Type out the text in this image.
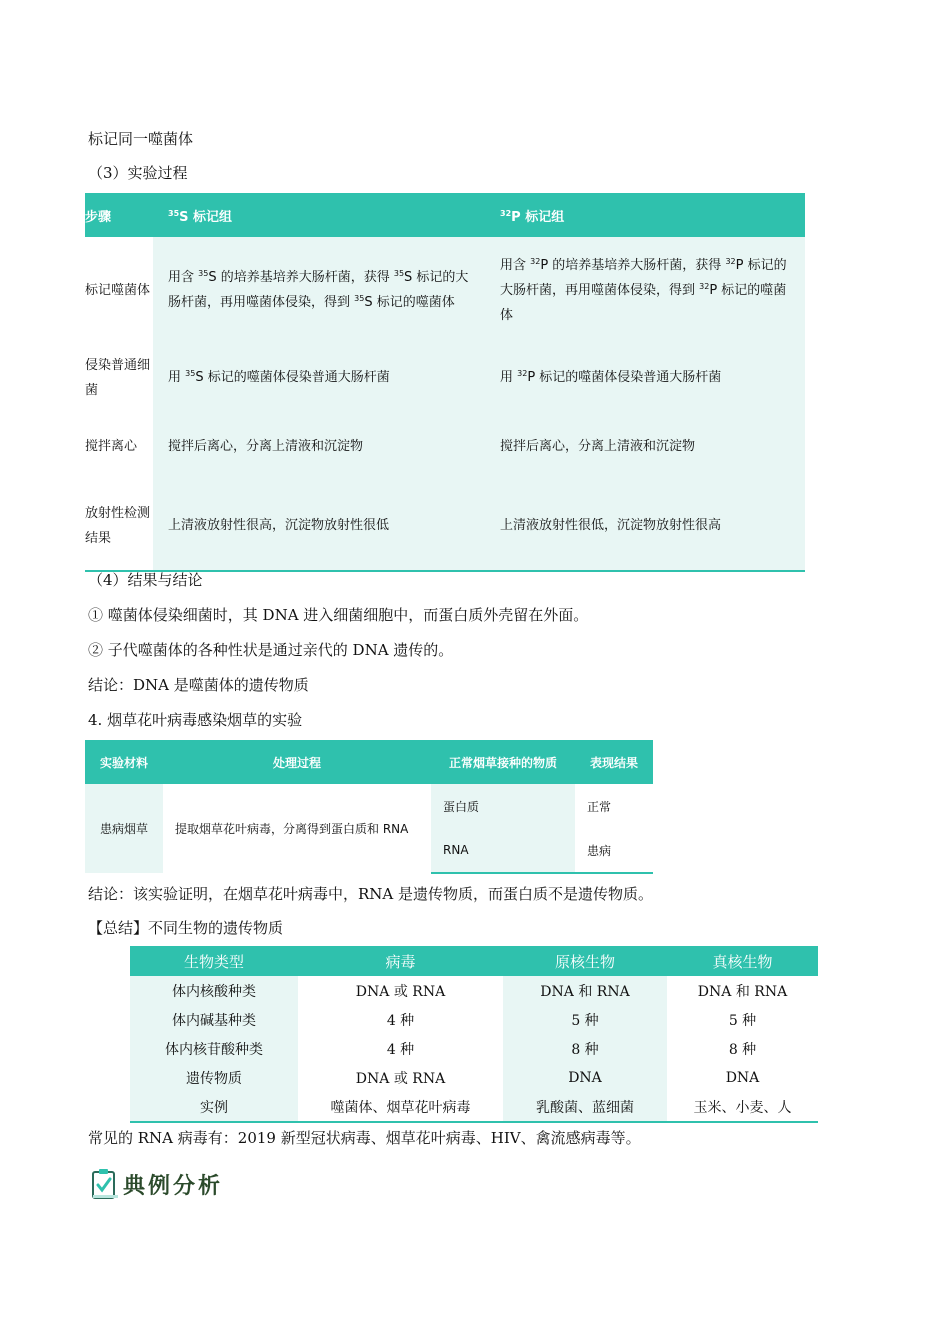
标记同一噬菌体
（3）实验过程
步骤	$^{35}$S 标记组	$^{32}$P 标记组
标记噬菌体	用含 $^{35}$S 的培养基培养大肠杆菌，获得 $^{35}$S 标记的大肠杆菌，再用噬菌体侵染，得到 $^{35}$S 标记的噬菌体	用含 $^{32}$P 的培养基培养大肠杆菌，获得 $^{32}$P 标记的大肠杆菌，再用噬菌体侵染，得到 $^{32}$P 标记的噬菌体
侵染普通细菌	用 $^{35}$S 标记的噬菌体侵染普通大肠杆菌	用 $^{32}$P 标记的噬菌体侵染普通大肠杆菌
搅拌离心	搅拌后离心，分离上清液和沉淀物	搅拌后离心，分离上清液和沉淀物
放射性检测结果	上清液放射性很高，沉淀物放射性很低	上清液放射性很低，沉淀物放射性很高
（4）结果与结论
① 噬菌体侵染细菌时，其 DNA 进入细菌细胞中，而蛋白质外壳留在外面。
② 子代噬菌体的各种性状是通过亲代的 DNA 遗传的。
结论：DNA 是噬菌体的遗传物质
4. 烟草花叶病毒感染烟草的实验
实验材料	处理过程	正常烟草接种的物质	表现结果
患病烟草	提取烟草花叶病毒，分离得到蛋白质和 RNA	蛋白质	正常
		RNA	患病
结论：该实验证明，在烟草花叶病毒中，RNA 是遗传物质，而蛋白质不是遗传物质。
【总结】不同生物的遗传物质
生物类型	病毒	原核生物	真核生物
体内核酸种类	DNA 或 RNA	DNA 和 RNA	DNA 和 RNA
体内碱基种类	4 种	5 种	5 种
体内核苷酸种类	4 种	8 种	8 种
遗传物质	DNA 或 RNA	DNA	DNA
实例	噬菌体、烟草花叶病毒	乳酸菌、蓝细菌	玉米、小麦、人
常见的 RNA 病毒有：2019 新型冠状病毒、烟草花叶病毒、HIV、禽流感病毒等。
典例分析
